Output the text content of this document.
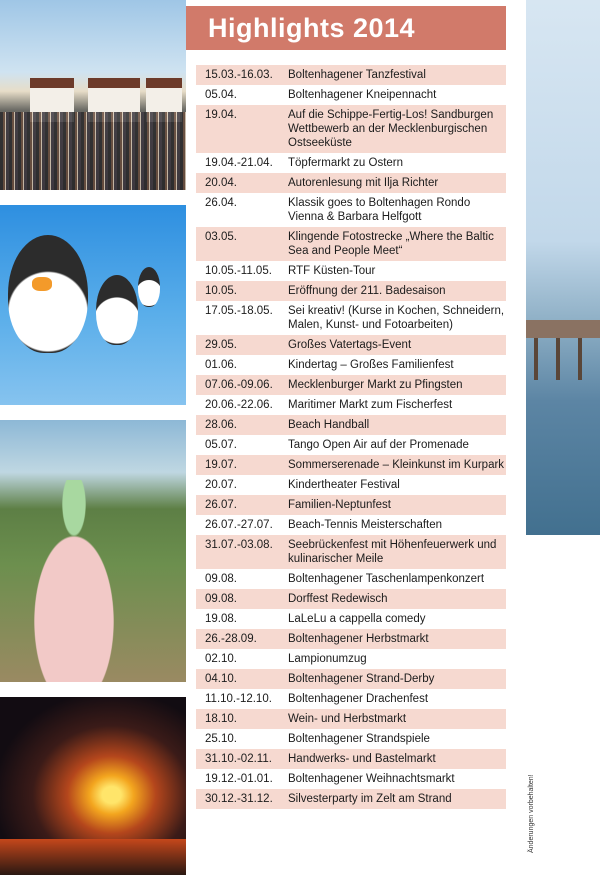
Änderungen vorbehalten!
Highlights 2014
15.03.-16.03. Boltenhagener Tanzfestival
05.04.	Boltenhagener Kneipennacht
19.04.	Auf die Schippe-Fertig-Los! Sandburgen Wettbewerb an der Mecklenburgischen Ostseeküste
19.04.-21.04. Töpfermarkt zu Ostern
20.04.	Autorenlesung mit Ilja Richter
26.04.	Klassik goes to Boltenhagen Rondo Vienna & Barbara Helfgott
03.05.	Klingende Fotostrecke „Where the Baltic Sea and People Meet“
10.05.-11.05. RTF Küsten-Tour
10.05.	Eröffnung der 211. Badesaison
17.05.-18.05. Sei kreativ! (Kurse in Kochen, Schneidern, Malen, Kunst- und Fotoarbeiten)
29.05.	Großes Vatertags-Event
01.06.	Kindertag – Großes Familienfest
07.06.-09.06. Mecklenburger Markt zu Pfingsten
20.06.-22.06. Maritimer Markt zum Fischerfest
28.06.	Beach Handball
05.07.	Tango Open Air auf der Promenade
19.07.	Sommerserenade – Kleinkunst im Kurpark
20.07.	Kindertheater Festival
26.07.	Familien-Neptunfest
26.07.-27.07. Beach-Tennis Meisterschaften
31.07.-03.08. Seebrückenfest mit Höhenfeuerwerk und kulinarischer Meile
09.08.	Boltenhagener Taschenlampenkonzert
09.08.	Dorffest Redewisch
19.08.	LaLeLu a cappella comedy
26.-28.09.	Boltenhagener Herbstmarkt
02.10.	Lampionumzug
04.10.	Boltenhagener Strand-Derby
11.10.-12.10. Boltenhagener Drachenfest
18.10.	Wein- und Herbstmarkt
25.10.	Boltenhagener Strandspiele
31.10.-02.11. Handwerks- und Bastelmarkt
19.12.-01.01. Boltenhagener Weihnachtsmarkt
30.12.-31.12. Silvesterparty im Zelt am Strand
